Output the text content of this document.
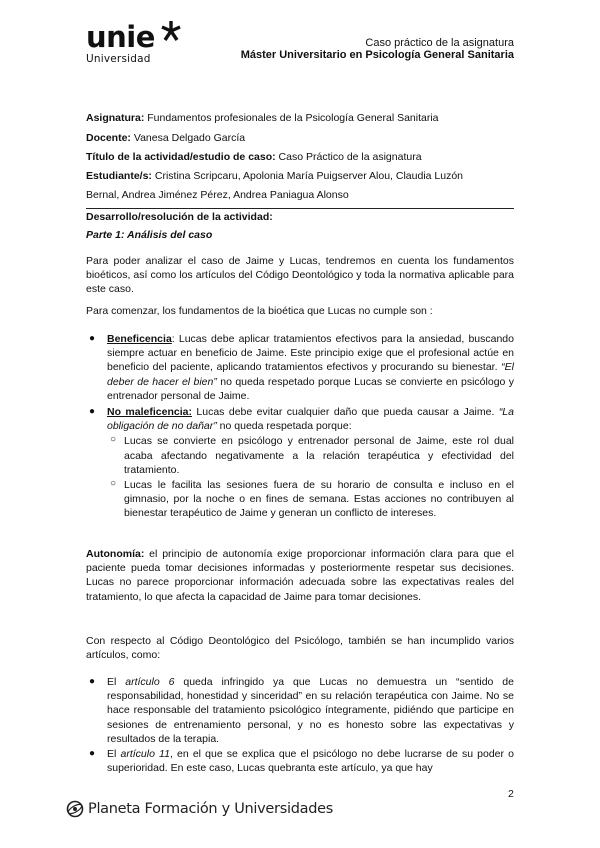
unie
Universidad
Caso práctico de la asignatura
Máster Universitario en Psicología General Sanitaria
Asignatura: Fundamentos profesionales de la Psicología General Sanitaria
Docente: Vanesa Delgado García
Título de la actividad/estudio de caso: Caso Práctico de la asignatura
Estudiante/s: Cristina Scripcaru, Apolonia María Puigserver Alou, Claudia Luzón
Bernal, Andrea Jiménez Pérez, Andrea Paniagua Alonso
Desarrollo/resolución de la actividad:
Parte 1: Análisis del caso
Para poder analizar el caso de Jaime y Lucas, tendremos en cuenta los fundamentos bioéticos, así como los artículos del Código Deontológico y toda la normativa aplicable para este caso.
Para comenzar, los fundamentos de la bioética que Lucas no cumple son :
● Beneficencia: Lucas debe aplicar tratamientos efectivos para la ansiedad, buscando siempre actuar en beneficio de Jaime. Este principio exige que el profesional actúe en beneficio del paciente, aplicando tratamientos efectivos y procurando su bienestar. “El deber de hacer el bien” no queda respetado porque Lucas se convierte en psicólogo y entrenador personal de Jaime.
● No maleficencia: Lucas debe evitar cualquier daño que pueda causar a Jaime. “La obligación de no dañar” no queda respetada porque:
○ Lucas se convierte en psicólogo y entrenador personal de Jaime, este rol dual acaba afectando negativamente a la relación terapéutica y efectividad del tratamiento.
○ Lucas le facilita las sesiones fuera de su horario de consulta e incluso en el gimnasio, por la noche o en fines de semana. Estas acciones no contribuyen al bienestar terapéutico de Jaime y generan un conflicto de intereses.
Autonomía: el principio de autonomía exige proporcionar información clara para que el paciente pueda tomar decisiones informadas y posteriormente respetar sus decisiones. Lucas no parece proporcionar información adecuada sobre las expectativas reales del tratamiento, lo que afecta la capacidad de Jaime para tomar decisiones.
Con respecto al Código Deontológico del Psicólogo, también se han incumplido varios artículos, como:
● El artículo 6 queda infringido ya que Lucas no demuestra un “sentido de responsabilidad, honestidad y sinceridad” en su relación terapéutica con Jaime. No se hace responsable del tratamiento psicológico íntegramente, pidiéndo que participe en sesiones de entrenamiento personal, y no es honesto sobre las expectativas y resultados de la terapia.
● El artículo 11, en el que se explica que el psicólogo no debe lucrarse de su poder o superioridad. En este caso, Lucas quebranta este artículo, ya que hay
2
Planeta Formación y Universidades
